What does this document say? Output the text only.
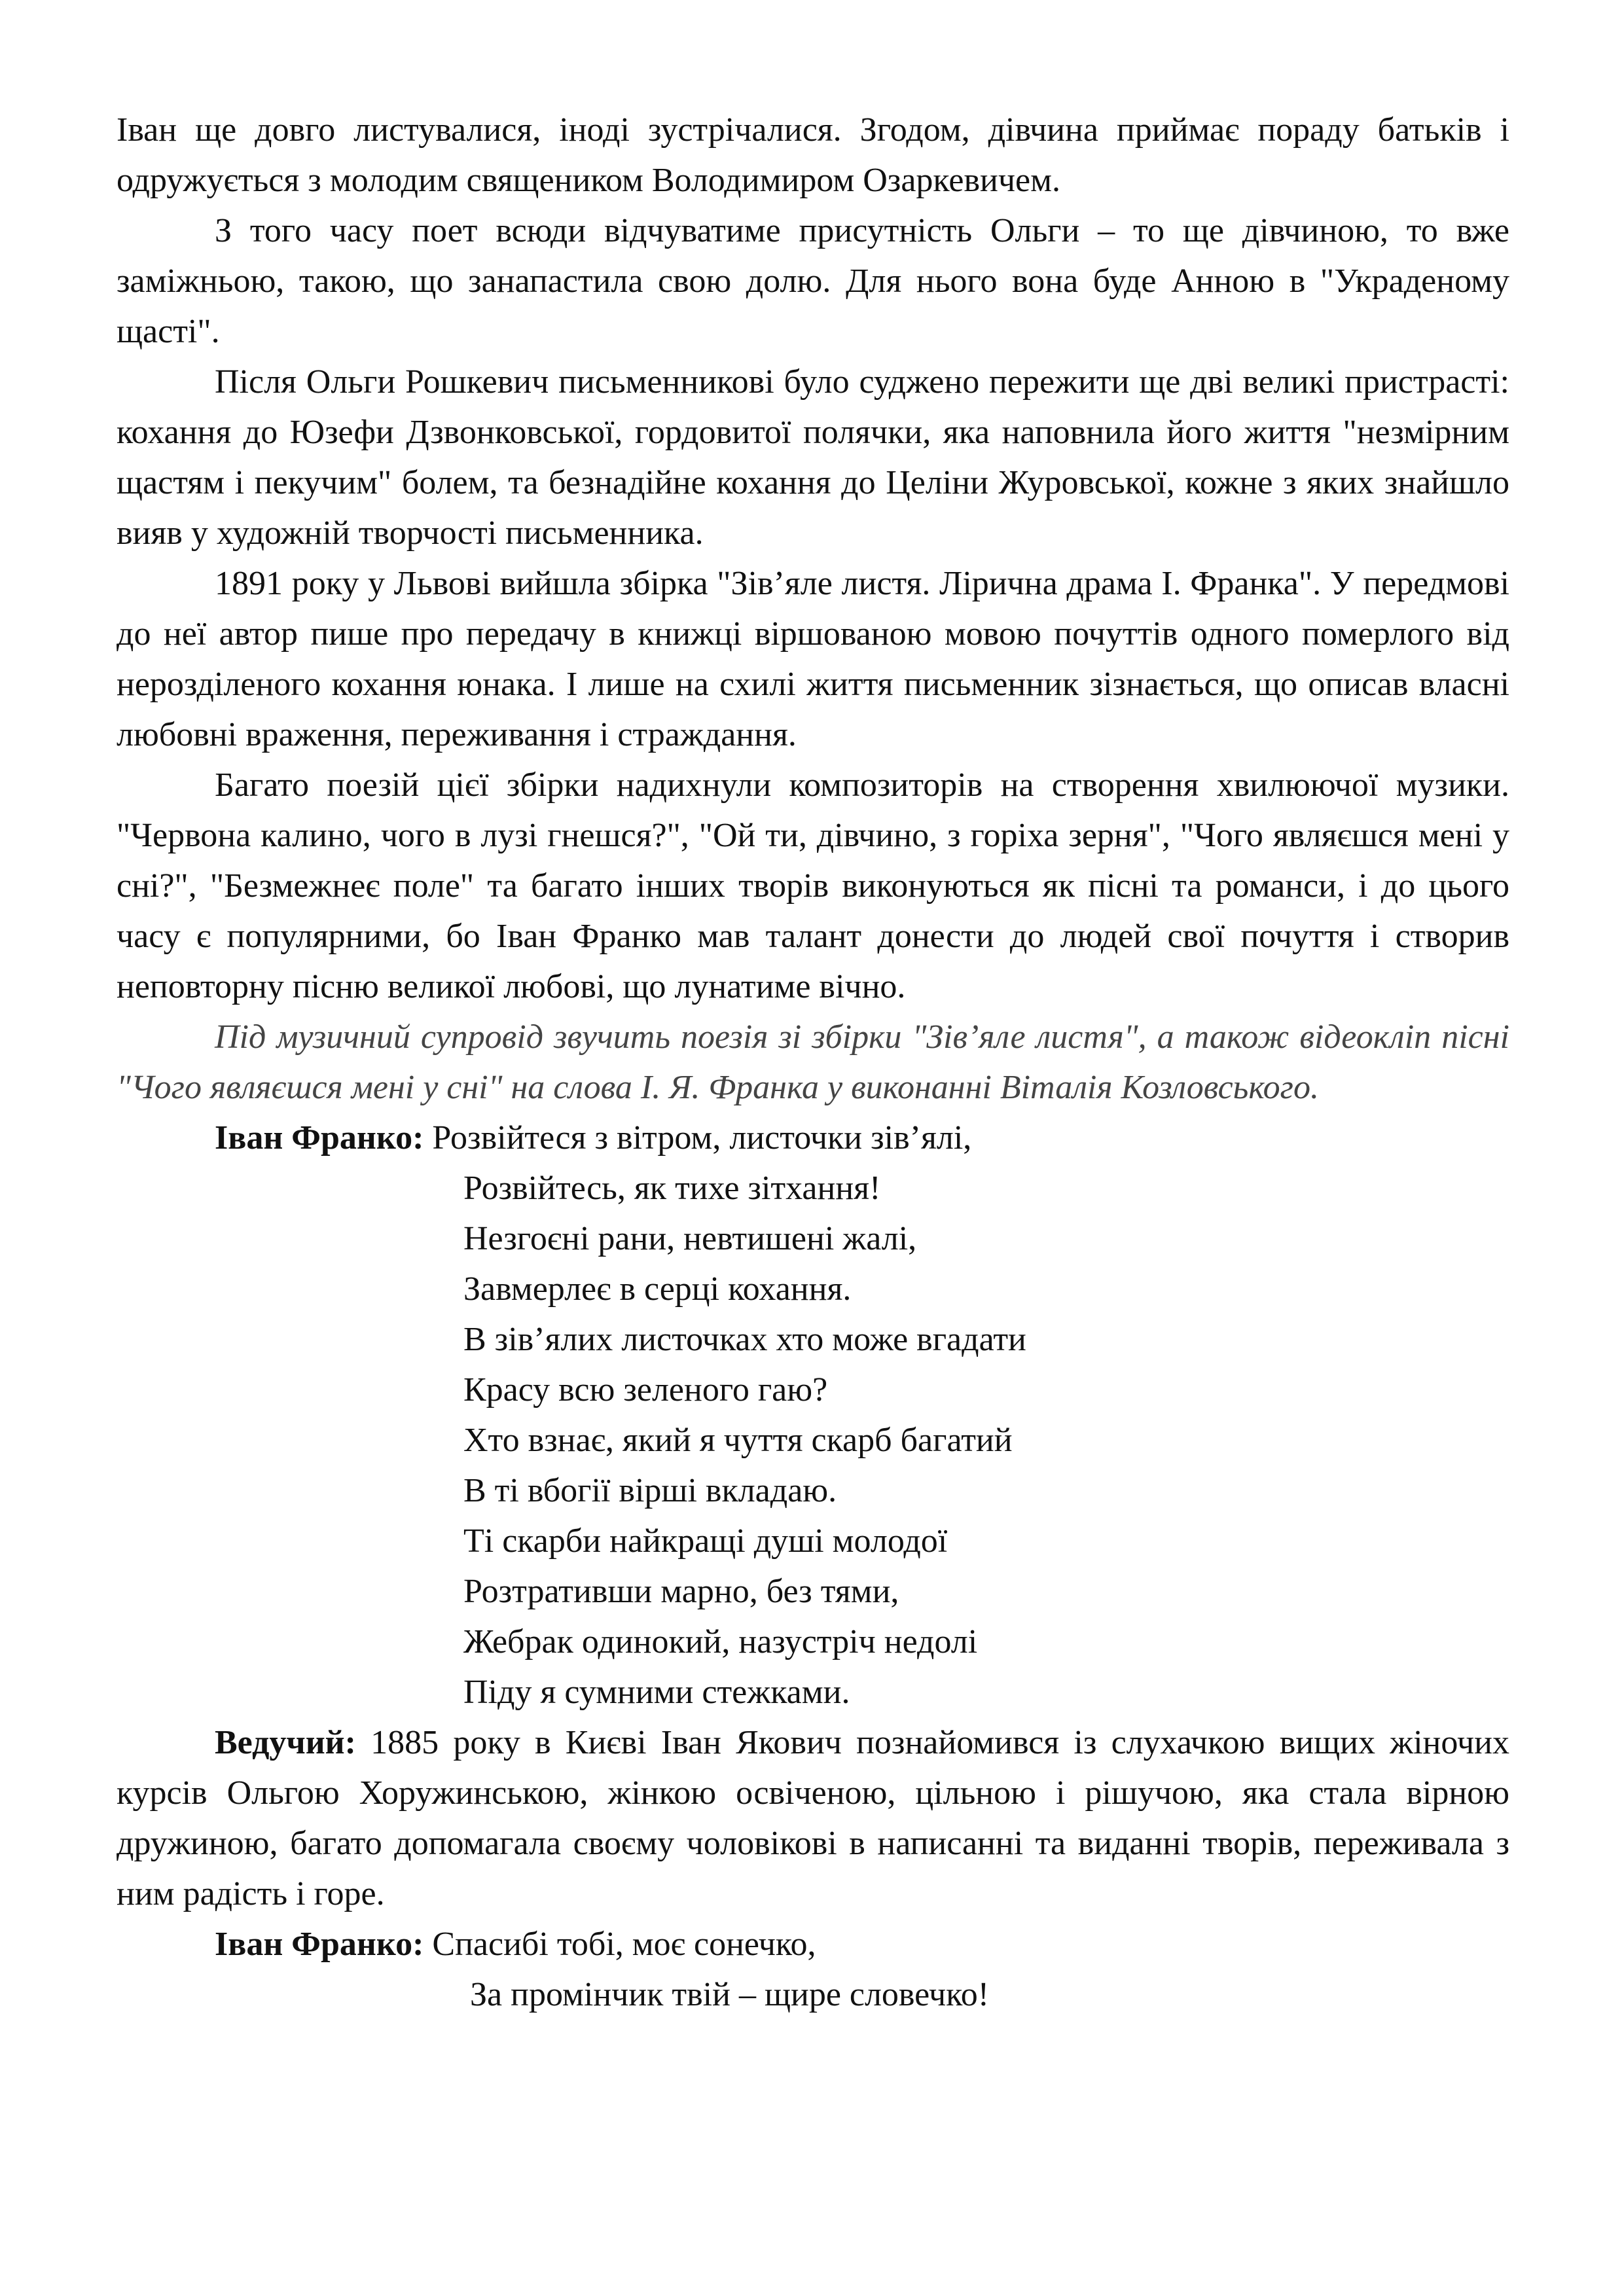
Іван ще довго листувалися, іноді зустрічалися. Згодом, дівчина приймає пораду батьків і одружується з молодим священиком Володимиром Озаркевичем.

З того часу поет всюди відчуватиме присутність Ольги – то ще дівчиною, то вже заміжньою, такою, що занапастила свою долю. Для нього вона буде Анною в "Украденому щасті".

Після Ольги Рошкевич письменникові було суджено пережити ще дві великі пристрасті: кохання до Юзефи Дзвонковської, гордовитої полячки, яка наповнила його життя "незмірним щастям і пекучим" болем, та безнадійне кохання до Целіни Журовської, кожне з яких знайшло вияв у художній творчості письменника.

1891 року у Львові вийшла збірка "Зів’яле листя. Лірична драма І. Франка". У передмові до неї автор пише про передачу в книжці віршованою мовою почуттів одного померлого від нерозділеного кохання юнака. І лише на схилі життя письменник зізнається, що описав власні любовні враження, переживання і страждання.

Багато поезій цієї збірки надихнули композиторів на створення хвилюючої музики. "Червона калино, чого в лузі гнешся?", "Ой ти, дівчино, з горіха зерня", "Чого являєшся мені у сні?", "Безмежнеє поле" та багато інших творів виконуються як пісні та романси, і до цього часу є популярними, бо Іван Франко мав талант донести до людей свої почуття і створив неповторну пісню великої любові, що лунатиме вічно.

Під музичний супровід звучить поезія зі збірки "Зів’яле листя", а також відеокліп пісні "Чого являєшся мені у сні" на слова І. Я. Франка у виконанні Віталія Козловського.

Іван Франко: Розвійтеся з вітром, листочки зів’ялі,

Розвійтесь, як тихе зітхання!
Незгоєні рани, невтишені жалі,
Завмерлеє в серці кохання.
В зів’ялих листочках хто може вгадати
Красу всю зеленого гаю?
Хто взнає, який я чуття скарб багатий
В ті вбогії вірші вкладаю.
Ті скарби найкращі душі молодої
Розтративши марно, без тями,
Жебрак одинокий, назустріч недолі
Піду я сумними стежками.

Ведучий: 1885 року в Києві Іван Якович познайомився із слухачкою вищих жіночих курсів Ольгою Хоружинською, жінкою освіченою, цільною і рішучою, яка стала вірною дружиною, багато допомагала своєму чоловікові в написанні та виданні творів, переживала з ним радість і горе.

Іван Франко: Спасибі тобі, моє сонечко,

За промінчик твій – щире словечко!
